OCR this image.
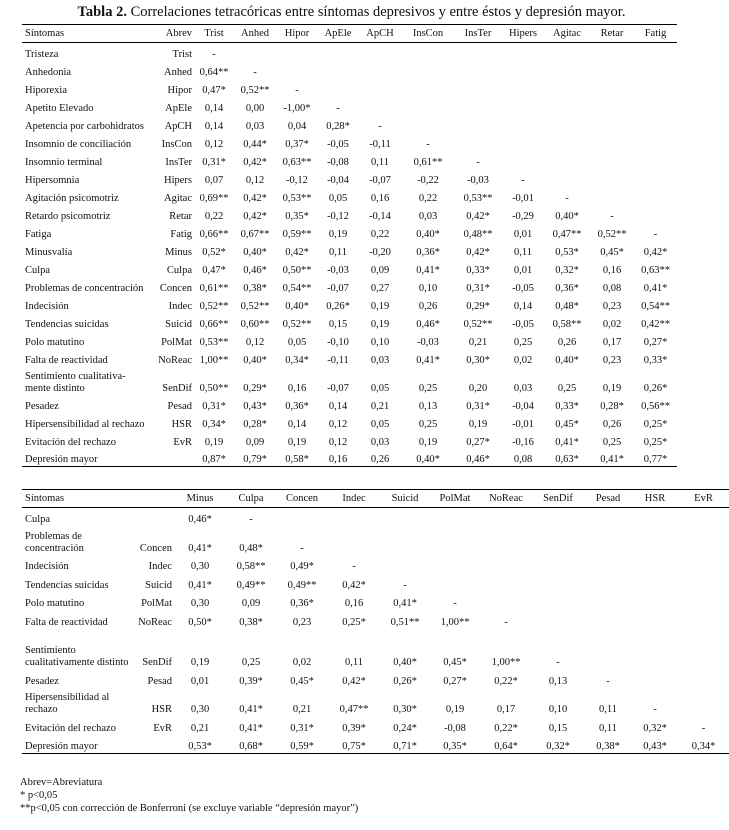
Tabla 2. Correlaciones tetracóricas entre síntomas depresivos y entre éstos y depresión mayor.
Síntomas	Abrev	Trist	Anhed	Hipor	ApEle	ApCH	InsCon	InsTer	Hipers	Agitac	Retar	Fatig
Tristeza	Trist	-										
Anhedonia	Anhed	0,64**	-									
Hiporexia	Hipor	0,47*	0,52**	-								
Apetito Elevado	ApEle	0,14	0,00	-1,00*	-							
Apetencia por carbohidratos	ApCH	0,14	0,03	0,04	0,28*	-						
Insomnio de conciliación	InsCon	0,12	0,44*	0,37*	-0,05	-0,11	-					
Insomnio terminal	InsTer	0,31*	0,42*	0,63**	-0,08	0,11	0,61**	-				
Hipersomnia	Hipers	0,07	0,12	-0,12	-0,04	-0,07	-0,22	-0,03	-			
Agitación psicomotriz	Agitac	0,69**	0,42*	0,53**	0,05	0,16	0,22	0,53**	-0,01	-		
Retardo psicomotriz	Retar	0,22	0,42*	0,35*	-0,12	-0,14	0,03	0,42*	-0,29	0,40*	-	
Fatiga	Fatig	0,66**	0,67**	0,59**	0,19	0,22	0,40*	0,48**	0,01	0,47**	0,52**	-
Minusvalía	Minus	0,52*	0,40*	0,42*	0,11	-0,20	0,36*	0,42*	0,11	0,53*	0,45*	0,42*
Culpa	Culpa	0,47*	0,46*	0,50**	-0,03	0,09	0,41*	0,33*	0,01	0,32*	0,16	0,63**
Problemas de concentración	Concen	0,61**	0,38*	0,54**	-0,07	0,27	0,10	0,31*	-0,05	0,36*	0,08	0,41*
Indecisión	Indec	0,52**	0,52**	0,40*	0,26*	0,19	0,26	0,29*	0,14	0,48*	0,23	0,54**
Tendencias suicidas	Suicid	0,66**	0,60**	0,52**	0,15	0,19	0,46*	0,52**	-0,05	0,58**	0,02	0,42**
Polo matutino	PolMat	0,53**	0,12	0,05	-0,10	0,10	-0,03	0,21	0,25	0,26	0,17	0,27*
Falta de reactividad	NoReac	1,00**	0,40*	0,34*	-0,11	0,03	0,41*	0,30*	0,02	0,40*	0,23	0,33*
Sentimiento cualitativa-mente distinto	SenDif	0,50**	0,29*	0,16	-0,07	0,05	0,25	0,20	0,03	0,25	0,19	0,26*
Pesadez	Pesad	0,31*	0,43*	0,36*	0,14	0,21	0,13	0,31*	-0,04	0,33*	0,28*	0,56**
Hipersensibilidad al rechazo	HSR	0,34*	0,28*	0,14	0,12	0,05	0,25	0,19	-0,01	0,45*	0,26	0,25*
Evitación del rechazo	EvR	0,19	0,09	0,19	0,12	0,03	0,19	0,27*	-0,16	0,41*	0,25	0,25*
Depresión mayor		0,87*	0,79*	0,58*	0,16	0,26	0,40*	0,46*	0,08	0,63*	0,41*	0,77*
Síntomas		Minus	Culpa	Concen	Indec	Suicid	PolMat	NoReac	SenDif	Pesad	HSR	EvR
Culpa		0,46*	-									
Problemas de concentración	Concen	0,41*	0,48*	-								
Indecisión	Indec	0,30	0,58**	0,49*	-							
Tendencias suicidas	Suicid	0,41*	0,49**	0,49**	0,42*	-						
Polo matutino	PolMat	0,30	0,09	0,36*	0,16	0,41*	-					
Falta de reactividad	NoReac	0,50*	0,38*	0,23	0,25*	0,51**	1,00**	-				
Sentimiento cualitativamente distinto	SenDif	0,19	0,25	0,02	0,11	0,40*	0,45*	1,00**	-			
Pesadez	Pesad	0,01	0,39*	0,45*	0,42*	0,26*	0,27*	0,22*	0,13	-		
Hipersensibilidad al rechazo	HSR	0,30	0,41*	0,21	0,47**	0,30*	0,19	0,17	0,10	0,11	-	
Evitación del rechazo	EvR	0,21	0,41*	0,31*	0,39*	0,24*	-0,08	0,22*	0,15	0,11	0,32*	-
Depresión mayor		0,53*	0,68*	0,59*	0,75*	0,71*	0,35*	0,64*	0,32*	0,38*	0,43*	0,34*
Abrev=Abreviatura
* p<0,05
**p<0,05 con corrección de Bonferroni (se excluye variable “depresión mayor”)
